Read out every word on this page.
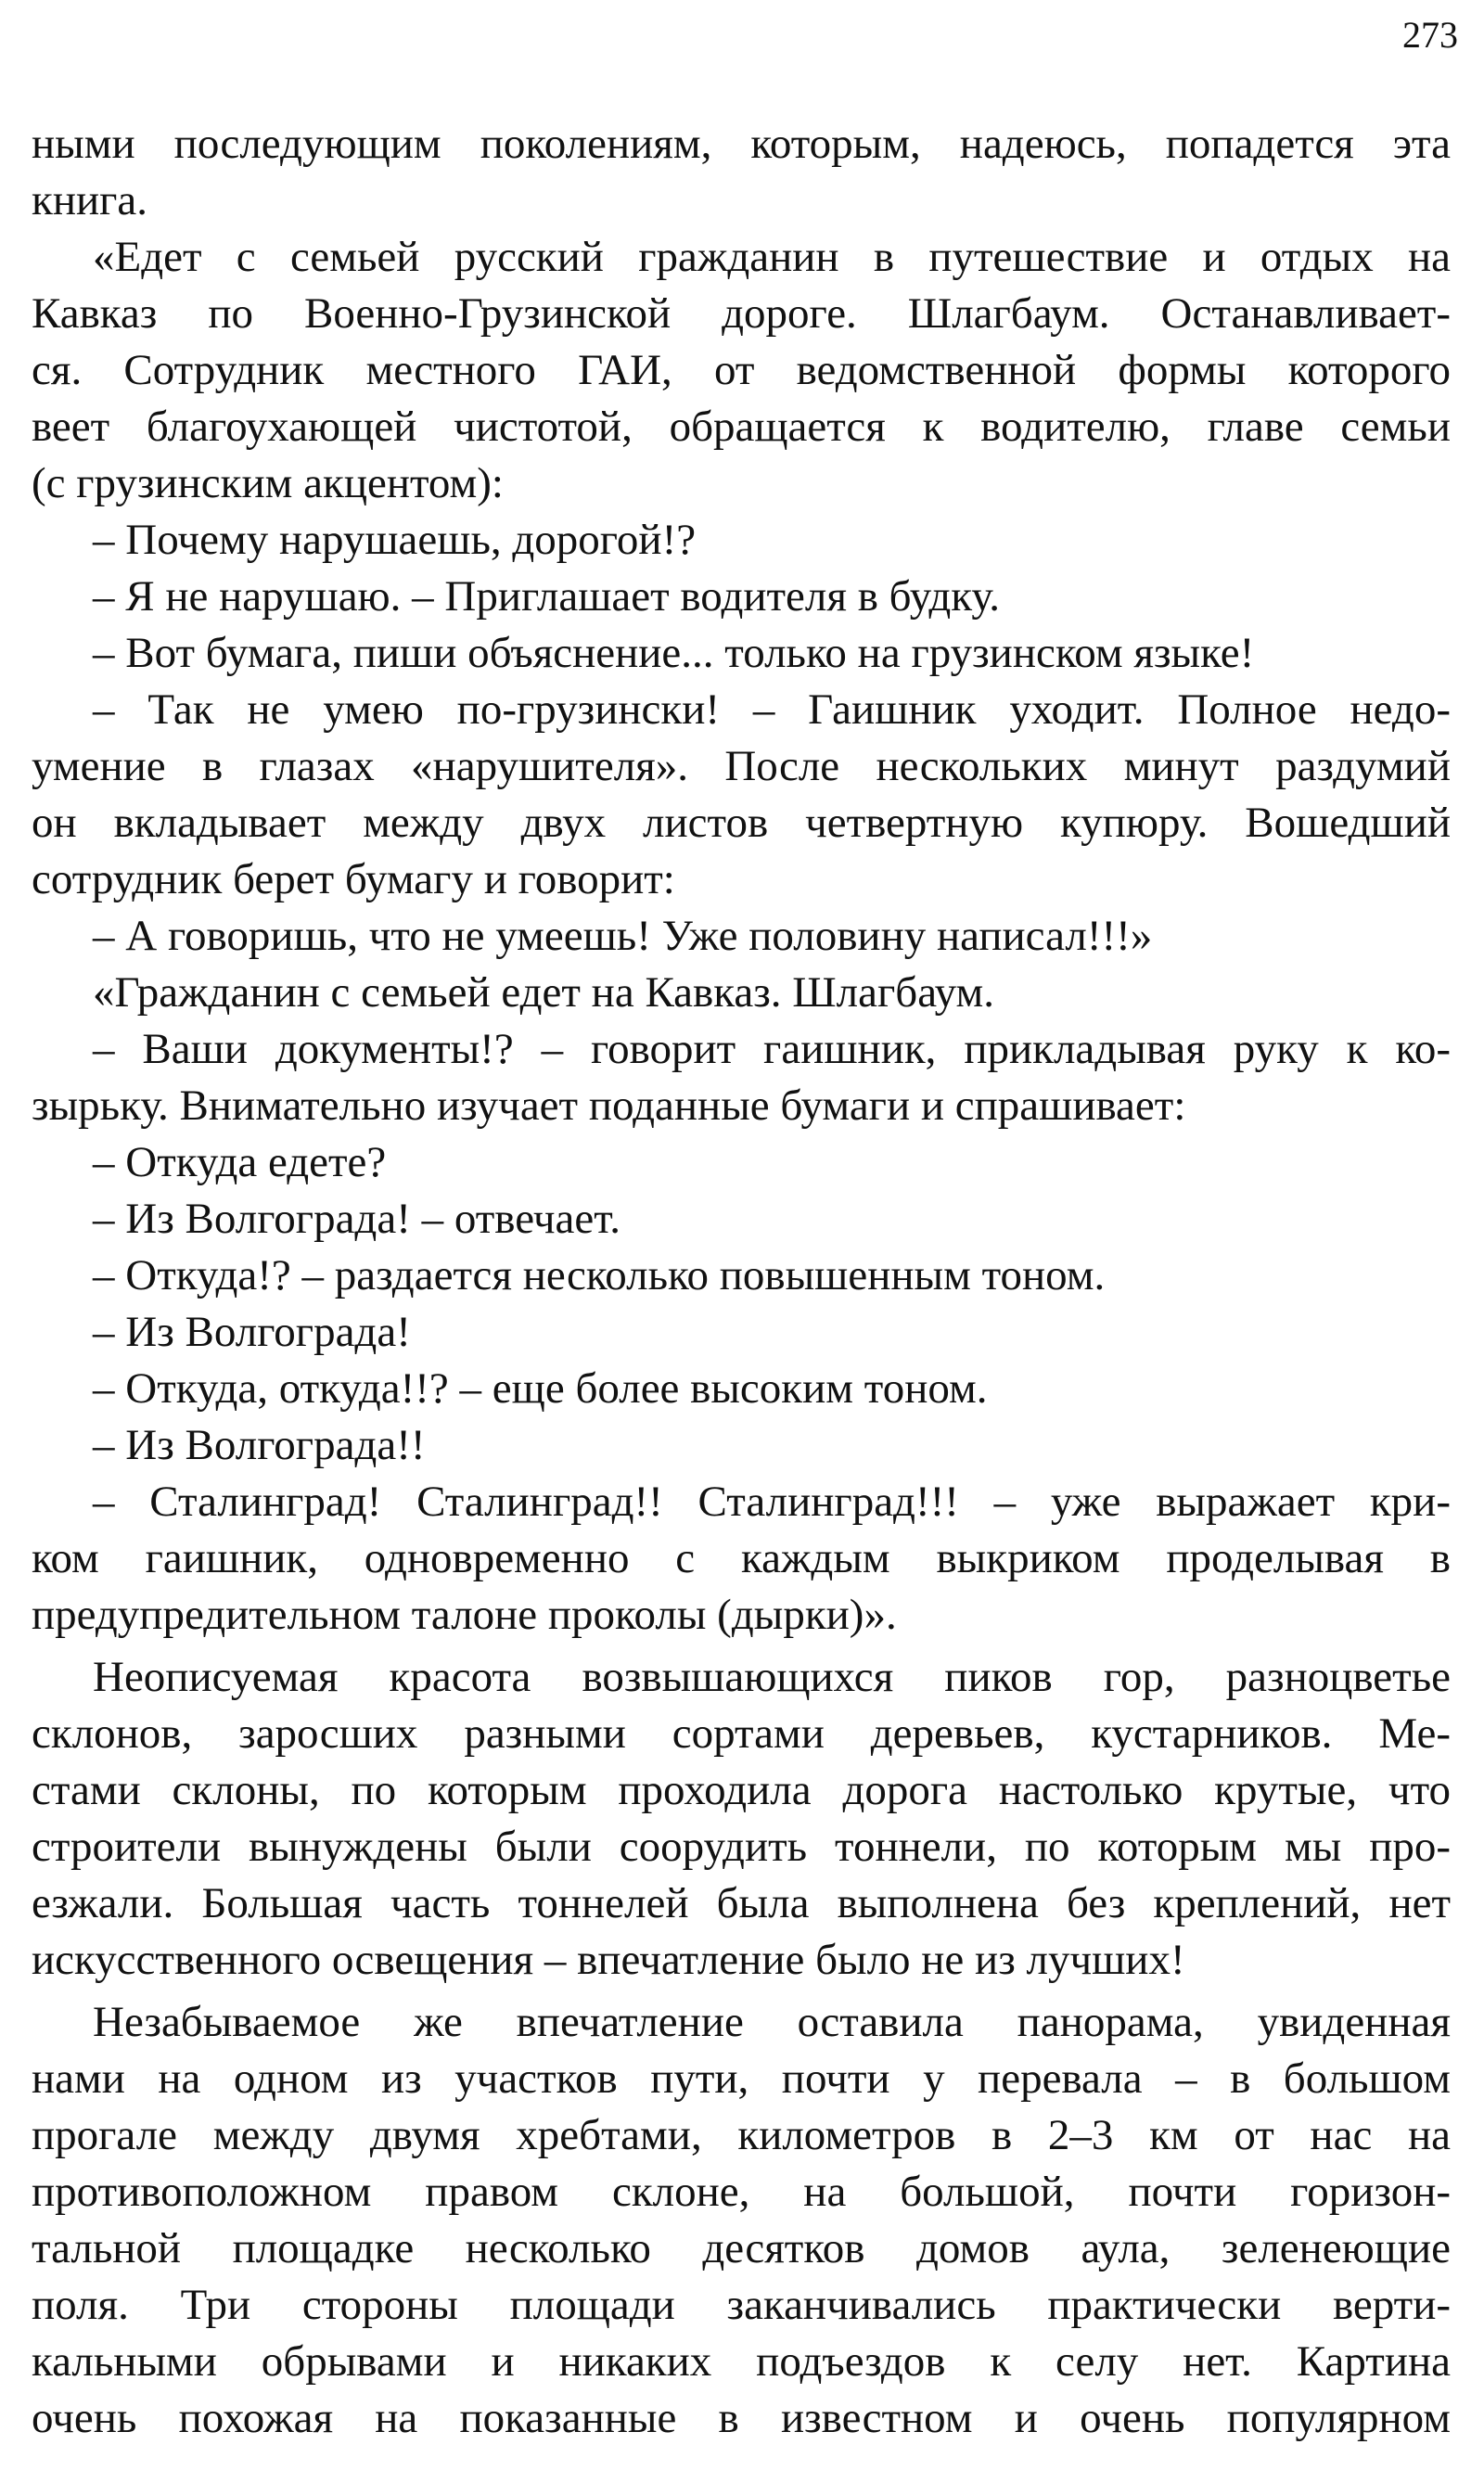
273
ными последующим поколениям, которым, надеюсь, попадется эта
книга.
«Едет с семьей русский гражданин в путешествие и отдых на
Кавказ по Военно-Грузинской дороге. Шлагбаум. Останавливает-
ся. Сотрудник местного ГАИ, от ведомственной формы которого
веет благоухающей чистотой, обращается к водителю, главе семьи
(с грузинским акцентом):
– Почему нарушаешь, дорогой!?
– Я не нарушаю. – Приглашает водителя в будку.
– Вот бумага, пиши объяснение... только на грузинском языке!
– Так не умею по-грузински! – Гаишник уходит. Полное недо-
умение в глазах «нарушителя». После нескольких минут раздумий
он вкладывает между двух листов четвертную купюру. Вошедший
сотрудник берет бумагу и говорит:
– А говоришь, что не умеешь! Уже половину написал!!!»
«Гражданин с семьей едет на Кавказ. Шлагбаум.
– Ваши документы!? – говорит гаишник, прикладывая руку к ко-
зырьку. Внимательно изучает поданные бумаги и спрашивает:
– Откуда едете?
– Из Волгограда! – отвечает.
– Откуда!? – раздается несколько повышенным тоном.
– Из Волгограда!
– Откуда, откуда!!? – еще более высоким тоном.
– Из Волгограда!!
– Сталинград! Сталинград!! Сталинград!!! – уже выражает кри-
ком гаишник, одновременно с каждым выкриком проделывая в
предупредительном талоне проколы (дырки)».
Неописуемая красота возвышающихся пиков гор, разноцветье
склонов, заросших разными сортами деревьев, кустарников. Ме-
стами склоны, по которым проходила дорога настолько крутые, что
строители вынуждены были соорудить тоннели, по которым мы про-
езжали. Большая часть тоннелей была выполнена без креплений, нет
искусственного освещения – впечатление было не из лучших!
Незабываемое же впечатление оставила панорама, увиденная
нами на одном из участков пути, почти у перевала – в большом
прогале между двумя хребтами, километров в 2–3 км от нас на
противоположном правом склоне, на большой, почти горизон-
тальной площадке несколько десятков домов аула, зеленеющие
поля. Три стороны площади заканчивались практически верти-
кальными обрывами и никаких подъездов к селу нет. Картина
очень похожая на показанные в известном и очень популярном
